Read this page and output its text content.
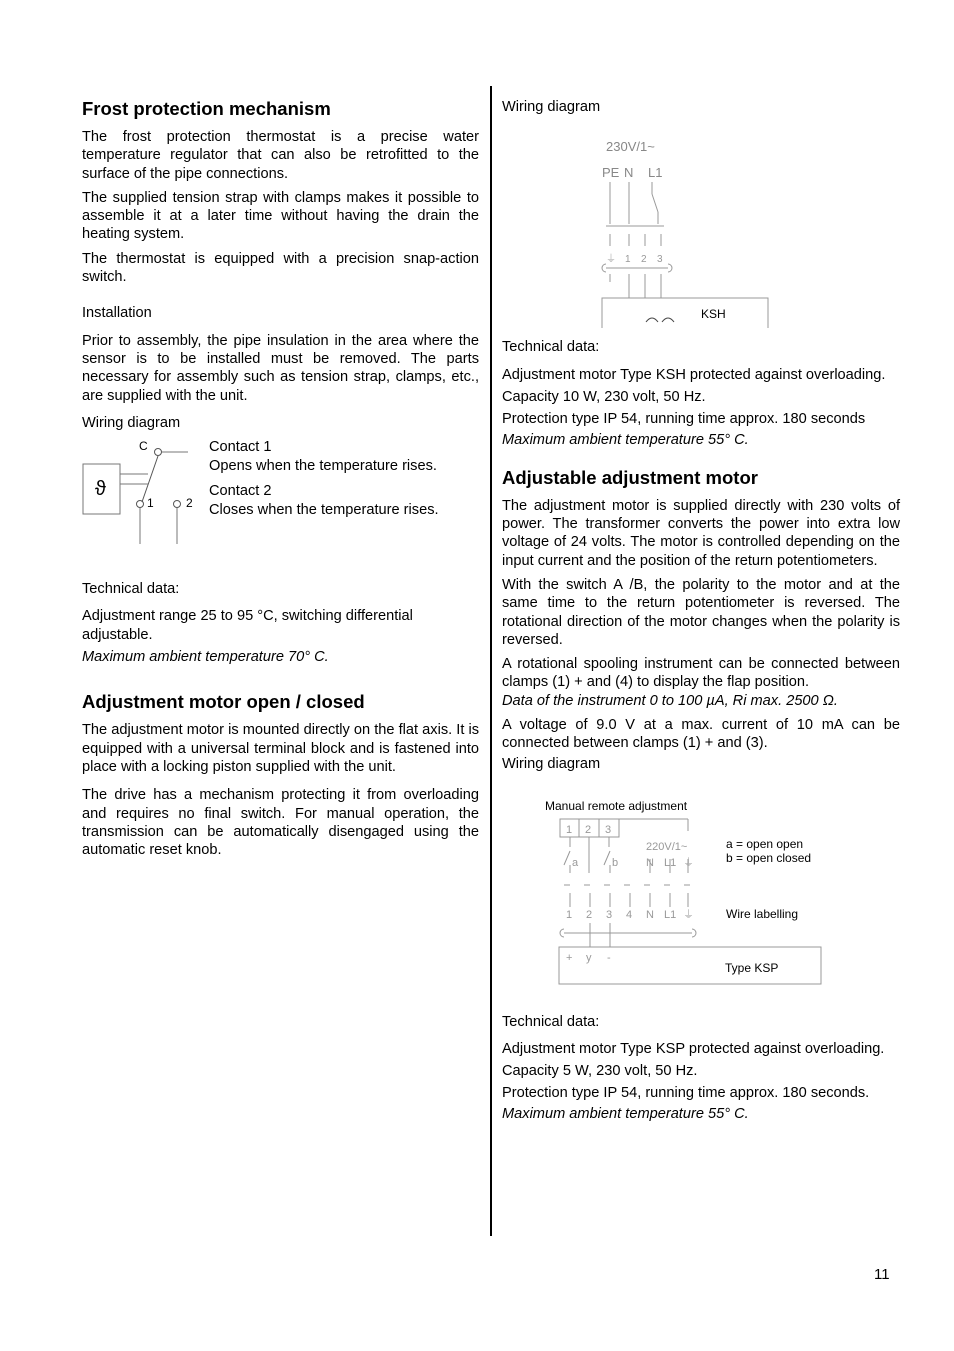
Frost protection mechanism

The frost protection thermostat is a precise water temperature regulator that can also be retrofitted to the surface of the pipe connections.

The supplied tension strap with clamps makes it possible to assemble it at a later time without having the drain the heating system.

The thermostat is equipped with a precision snap-action switch.

Installation

Prior to assembly, the pipe insulation in the area where the sensor is to be installed must be removed. The parts necessary for assembly such as tension strap, clamps, etc., are supplied with the unit.

Wiring diagram

ϑ
C
1	2
Contact 1
Opens when the temperature rises.
Contact 2
Closes when the temperature rises.

Technical data:

Adjustment range 25 to 95 °C, switching differential adjustable.

Maximum ambient temperature 70° C.

Adjustment motor open / closed

The adjustment motor is mounted directly on the flat axis. It is equipped with a universal terminal block and is fastened into place with a locking piston supplied with the unit.

The drive has a mechanism protecting it from overloading and requires no final switch. For manual operation, the transmission can be automatically disengaged using the automatic reset knob.

Wiring diagram

230V/1~
PE N L1
⏚ 1 2 3
KSH

Technical data:

Adjustment motor Type KSH protected against overloading.

Capacity 10 W, 230 volt, 50 Hz.

Protection type IP 54, running time approx. 180 seconds

Maximum ambient temperature 55° C.

Adjustable adjustment motor

The adjustment motor is supplied directly with 230 volts of power. The transformer converts the power into extra low voltage of 24 volts. The motor is controlled depending on the input current and the position of the return potentiometers.

With the switch A /B, the polarity to the motor and at the same time to the return potentiometer is reversed. The rotational direction of the motor changes when the polarity is reversed.

A rotational spooling instrument can be connected between clamps (1) + and (4) to display the flap position.

Data of the instrument 0 to 100 µA, Ri max. 2500 Ω.

A voltage of 9.0 V at a max. current of 10 mA can be connected between clamps (1) + and (3).

Wiring diagram

Manual remote adjustment
1 2 3
220V/1~
a	b	N L1 ⏚
1 2 3 4 N L1 ⏚
+ y -
a = open open
b = open closed
Wire labelling
Type KSP

Technical data:

Adjustment motor Type KSP protected against overloading.

Capacity 5 W, 230 volt, 50 Hz.

Protection type IP 54, running time approx. 180 seconds.

Maximum ambient temperature 55° C.

11
